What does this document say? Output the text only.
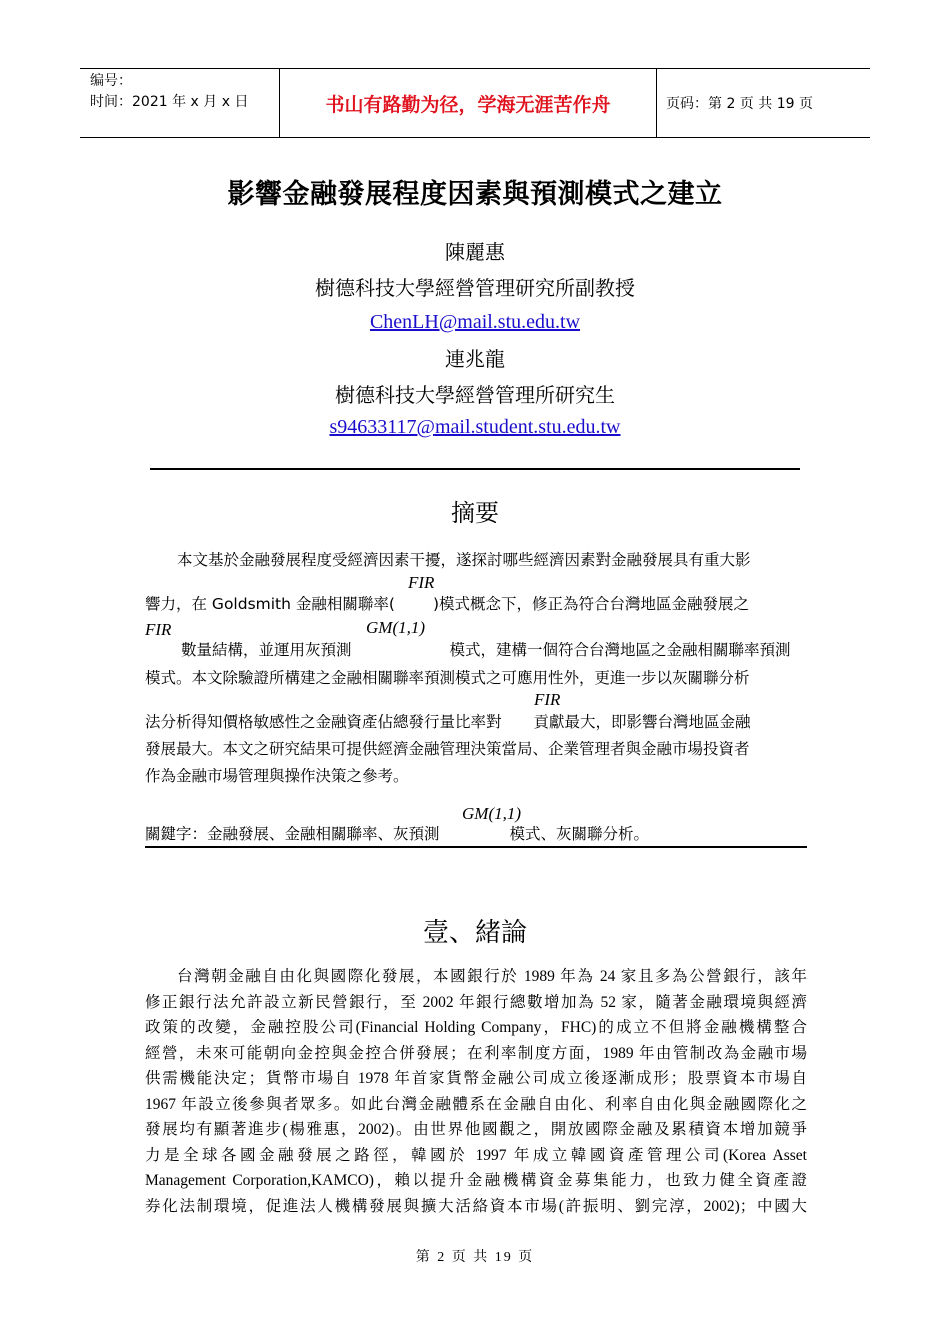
编号：
时间：2021 年 x 月 x 日	书山有路勤为径，学海无涯苦作舟	页码：第 2 页 共 19 页
影響金融發展程度因素與預測模式之建立
陳麗惠
樹德科技大學經營管理研究所副教授
ChenLH@mail.stu.edu.tw
連兆龍
樹德科技大學經營管理所研究生
s94633117@mail.student.stu.edu.tw
摘要
本文基於金融發展程度受經濟因素干擾，遂探討哪些經濟因素對金融發展具有重大影
FIR
響力，在 Goldsmith 金融相關聯率( )模式概念下，修正為符合台灣地區金融發展之
FIR	GM(1,1)
數量結構，並運用灰預測	模式，建構一個符合台灣地區之金融相關聯率預測
模式。本文除驗證所構建之金融相關聯率預測模式之可應用性外，更進一步以灰關聯分析
FIR
法分析得知價格敏感性之金融資產佔總發行量比率對 貢獻最大，即影響台灣地區金融
發展最大。本文之研究結果可提供經濟金融管理決策當局、企業管理者與金融市場投資者
作為金融市場管理與操作決策之參考。
GM(1,1)
關鍵字：金融發展、金融相關聯率、灰預測	模式、灰關聯分析。
壹、緒論
台灣朝金融自由化與國際化發展，本國銀行於 1989 年為 24 家且多為公營銀行，該年
修正銀行法允許設立新民營銀行，至 2002 年銀行總數增加為 52 家，隨著金融環境與經濟
政策的改變，金融控股公司(Financial Holding Company，FHC)的成立不但將金融機構整合
經營，未來可能朝向金控與金控合併發展；在利率制度方面，1989 年由管制改為金融市場
供需機能決定；貨幣市場自 1978 年首家貨幣金融公司成立後逐漸成形；股票資本市場自
1967 年設立後參與者眾多。如此台灣金融體系在金融自由化、利率自由化與金融國際化之
發展均有顯著進步(楊雅惠，2002)。由世界他國觀之，開放國際金融及累積資本增加競爭
力是全球各國金融發展之路徑，韓國於 1997 年成立韓國資產管理公司(Korea Asset
Management Corporation,KAMCO)，賴以提升金融機構資金募集能力，也致力健全資產證
券化法制環境，促進法人機構發展與擴大活絡資本市場(許振明、劉完淳，2002)；中國大
第 2 页 共 19 页
